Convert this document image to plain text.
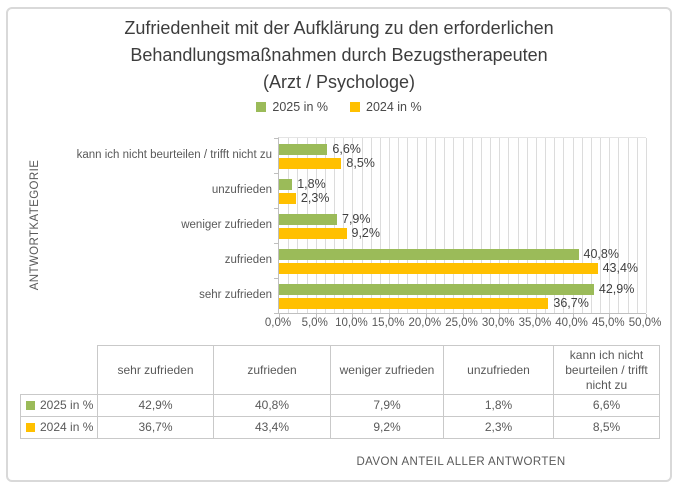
Zufriedenheit mit der Aufklärung zu den erforderlichen
Behandlungsmaßnahmen durch Bezugstherapeuten
(Arzt / Psychologe)
2025 in %	2024 in %
ANTWORTKATEGORIE
kann ich nicht beurteilen / trifft nicht zu
unzufrieden
weniger zufrieden
zufrieden
sehr zufrieden
6,6%
8,5%
1,8%
2,3%
7,9%
9,2%
40,8%
43,4%
42,9%
36,7%
0,0% 5,0% 10,0% 15,0% 20,0% 25,0% 30,0% 35,0% 40,0% 45,0% 50,0%
	sehr zufrieden	zufrieden	weniger zufrieden	unzufrieden	kann ich nicht beurteilen / trifft nicht zu
2025 in %	42,9%	40,8%	7,9%	1,8%	6,6%
2024 in %	36,7%	43,4%	9,2%	2,3%	8,5%
DAVON ANTEIL ALLER ANTWORTEN
